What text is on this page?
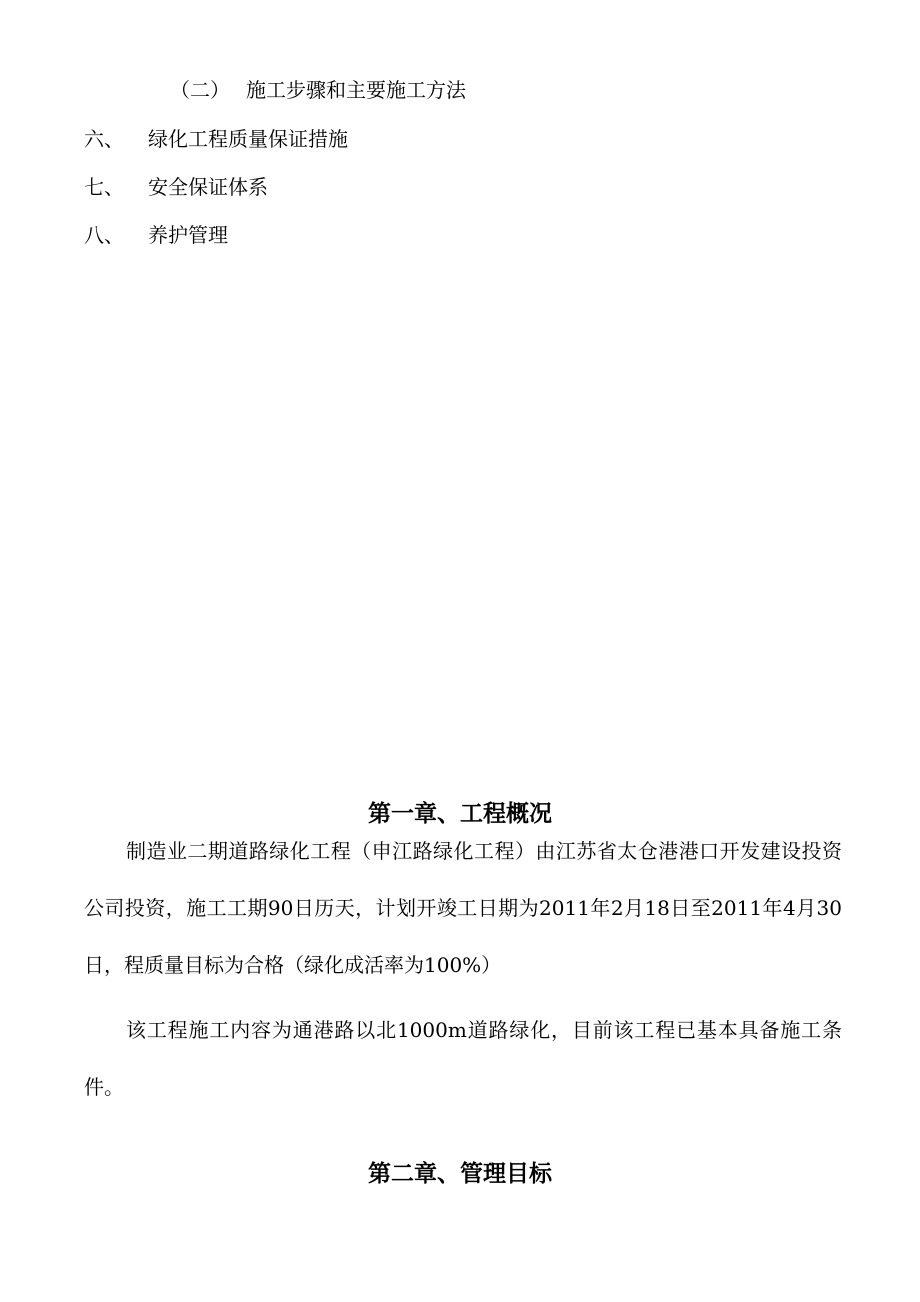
（二） 施工步骤和主要施工方法
六、 绿化工程质量保证措施
七、 安全保证体系
八、 养护管理
第一章、工程概况

制造业二期道路绿化工程（申江路绿化工程）由江苏省太仓港港口开发建设投资公司投资，施工工期90日历天，计划开竣工日期为2011年2月18日至2011年4月30日，程质量目标为合格（绿化成活率为100%）

该工程施工内容为通港路以北1000m道路绿化，目前该工程已基本具备施工条件。

第二章、管理目标
